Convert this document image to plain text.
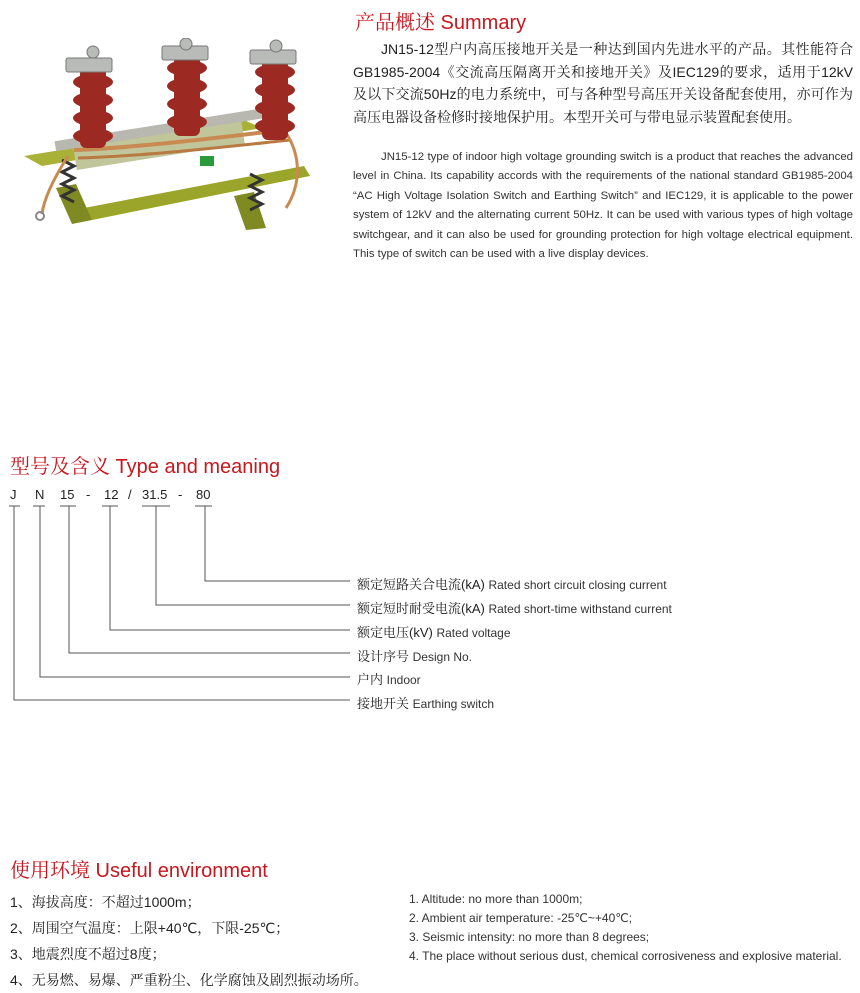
产品概述 Summary
JN15-12型户内高压接地开关是一种达到国内先进水平的产品。其性能符合GB1985-2004《交流高压隔离开关和接地开关》及IEC129的要求，适用于12kV及以下交流50Hz的电力系统中，可与各种型号高压开关设备配套使用，亦可作为高压电器设备检修时接地保护用。本型开关可与带电显示装置配套使用。
JN15-12 type of indoor high voltage grounding switch is a product that reaches the advanced level in China. Its capability accords with the requirements of the national standard GB1985-2004 “AC High Voltage Isolation Switch and Earthing Switch” and IEC129, it is applicable to the power system of 12kV and the alternating current 50Hz. It can be used with various types of high voltage switchgear, and it can also be used for grounding protection for high voltage electrical equipment. This type of switch can be used with a live display devices.
型号及含义 Type and meaning
J N 15 - 12 / 31.5 - 80
额定短路关合电流(kA) Rated short circuit closing current
额定短时耐受电流(kA) Rated short-time withstand current
额定电压(kV) Rated voltage
设计序号 Design No.
户内 Indoor
接地开关 Earthing switch
使用环境 Useful environment
1、海拔高度：不超过1000m；
2、周围空气温度：上限+40℃，下限-25℃；
3、地震烈度不超过8度；
4、无易燃、易爆、严重粉尘、化学腐蚀及剧烈振动场所。
1. Altitude: no more than 1000m;
2. Ambient air temperature: -25℃~+40℃;
3. Seismic intensity: no more than 8 degrees;
4. The place without serious dust, chemical corrosiveness and explosive material.
